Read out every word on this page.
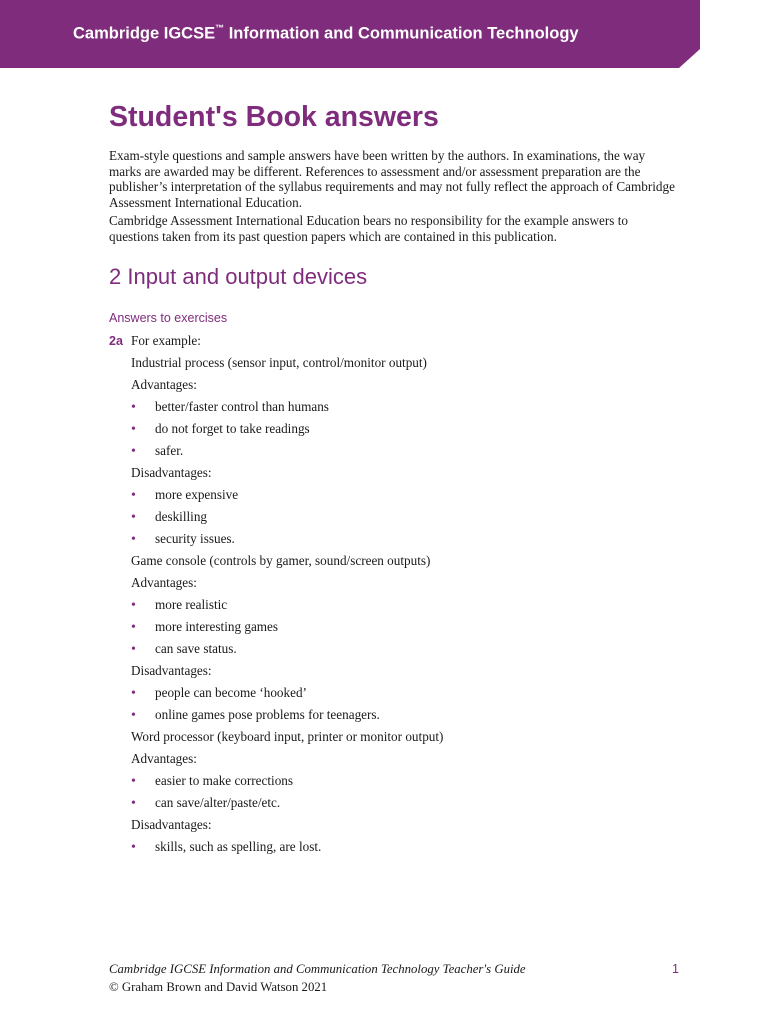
Cambridge IGCSE™ Information and Communication Technology
Student's Book answers

Exam-style questions and sample answers have been written by the authors. In examinations, the way marks are awarded may be different. References to assessment and/or assessment preparation are the publisher’s interpretation of the syllabus requirements and may not fully reflect the approach of Cambridge Assessment International Education.

Cambridge Assessment International Education bears no responsibility for the example answers to questions taken from its past question papers which are contained in this publication.

2 Input and output devices
Answers to exercises
2a For example:
Industrial process (sensor input, control/monitor output)
Advantages:
• better/faster control than humans
• do not forget to take readings
• safer.
Disadvantages:
• more expensive
• deskilling
• security issues.
Game console (controls by gamer, sound/screen outputs)
Advantages:
• more realistic
• more interesting games
• can save status.
Disadvantages:
• people can become ‘hooked’
• online games pose problems for teenagers.
Word processor (keyboard input, printer or monitor output)
Advantages:
• easier to make corrections
• can save/alter/paste/etc.
Disadvantages:
• skills, such as spelling, are lost.
Cambridge IGCSE Information and Communication Technology Teacher's Guide
© Graham Brown and David Watson 2021
1
